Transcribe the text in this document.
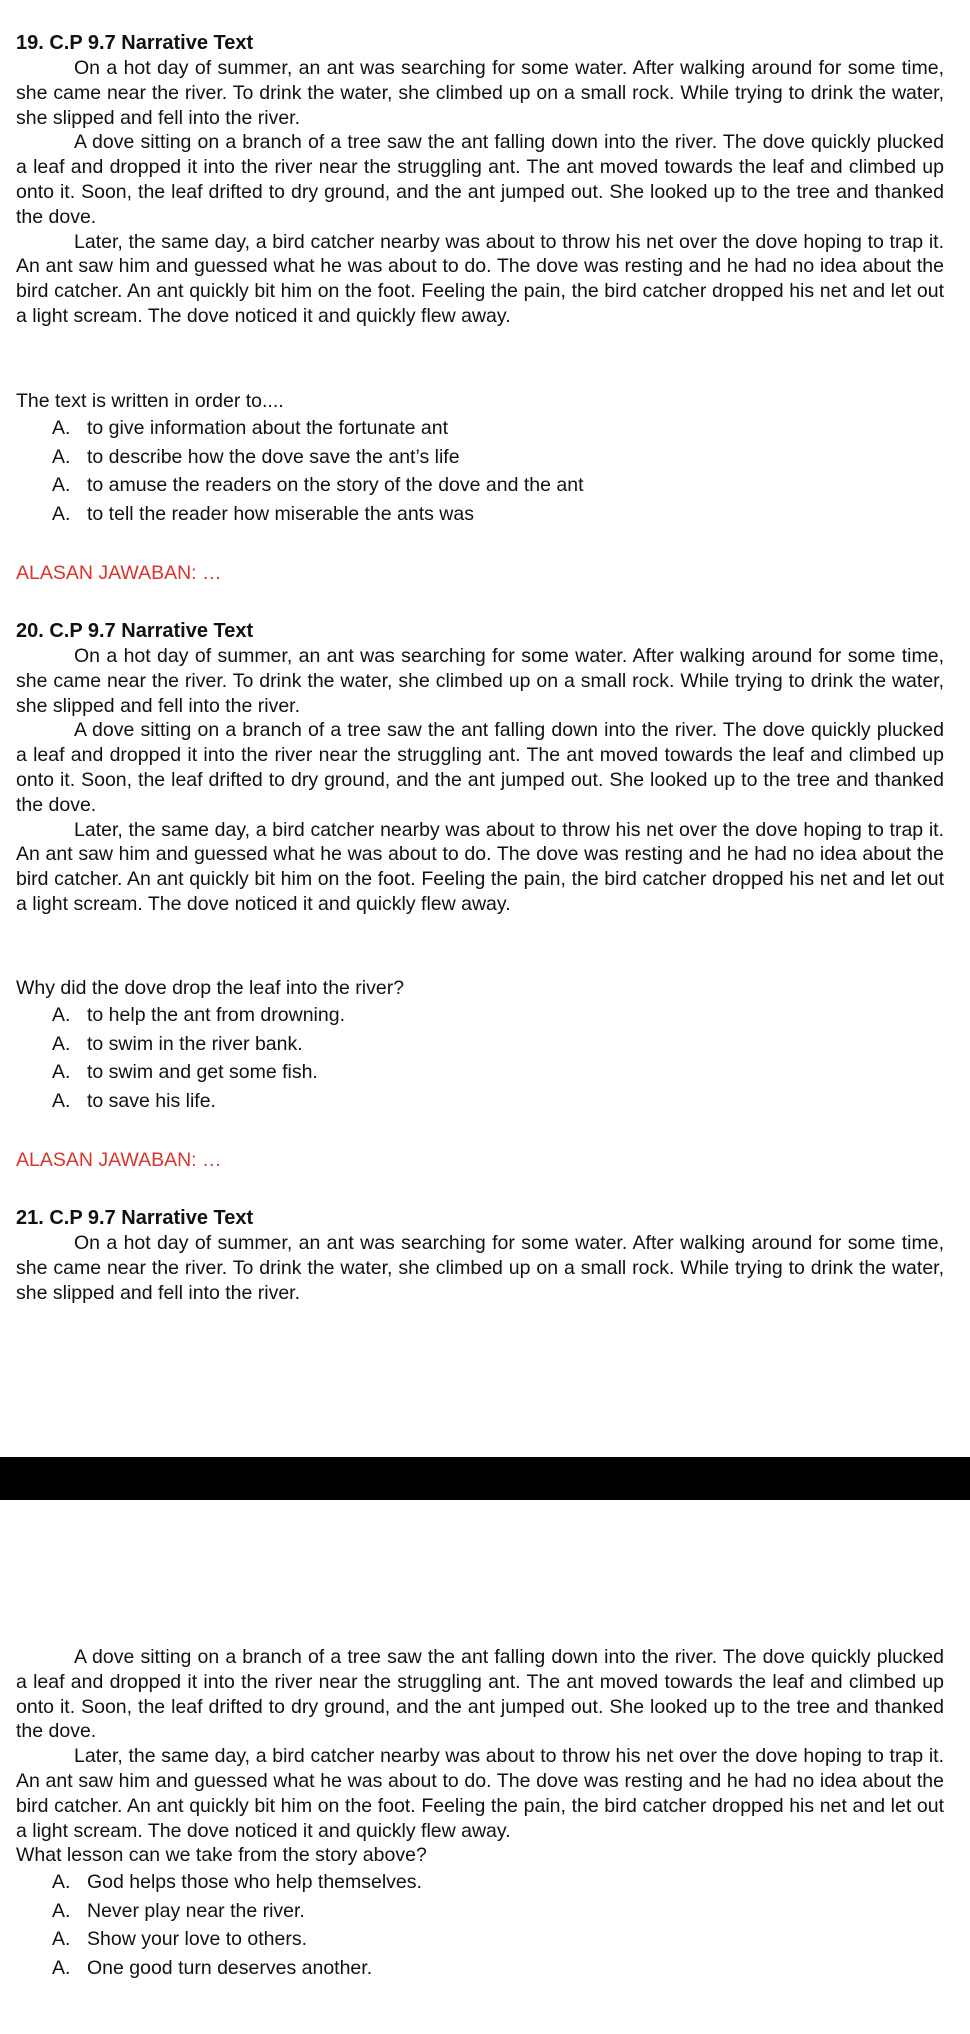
19. C.P 9.7 Narrative Text

On a hot day of summer, an ant was searching for some water. After walking around for some time, she came near the river. To drink the water, she climbed up on a small rock. While trying to drink the water, she slipped and fell into the river.

A dove sitting on a branch of a tree saw the ant falling down into the river. The dove quickly plucked a leaf and dropped it into the river near the struggling ant. The ant moved towards the leaf and climbed up onto it. Soon, the leaf drifted to dry ground, and the ant jumped out. She looked up to the tree and thanked the dove.

Later, the same day, a bird catcher nearby was about to throw his net over the dove hoping to trap it. An ant saw him and guessed what he was about to do. The dove was resting and he had no idea about the bird catcher. An ant quickly bit him on the foot. Feeling the pain, the bird catcher dropped his net and let out a light scream. The dove noticed it and quickly flew away.

The text is written in order to....

A. to give information about the fortunate ant
A. to describe how the dove save the ant’s life
A. to amuse the readers on the story of the dove and the ant
A. to tell the reader how miserable the ants was
ALASAN JAWABAN: …

20. C.P 9.7 Narrative Text

On a hot day of summer, an ant was searching for some water. After walking around for some time, she came near the river. To drink the water, she climbed up on a small rock. While trying to drink the water, she slipped and fell into the river.

A dove sitting on a branch of a tree saw the ant falling down into the river. The dove quickly plucked a leaf and dropped it into the river near the struggling ant. The ant moved towards the leaf and climbed up onto it. Soon, the leaf drifted to dry ground, and the ant jumped out. She looked up to the tree and thanked the dove.

Later, the same day, a bird catcher nearby was about to throw his net over the dove hoping to trap it. An ant saw him and guessed what he was about to do. The dove was resting and he had no idea about the bird catcher. An ant quickly bit him on the foot. Feeling the pain, the bird catcher dropped his net and let out a light scream. The dove noticed it and quickly flew away.

Why did the dove drop the leaf into the river?

A. to help the ant from drowning.
A. to swim in the river bank.
A. to swim and get some fish.
A. to save his life.
ALASAN JAWABAN: …

21. C.P 9.7 Narrative Text

On a hot day of summer, an ant was searching for some water. After walking around for some time, she came near the river. To drink the water, she climbed up on a small rock. While trying to drink the water, she slipped and fell into the river.

A dove sitting on a branch of a tree saw the ant falling down into the river. The dove quickly plucked a leaf and dropped it into the river near the struggling ant. The ant moved towards the leaf and climbed up onto it. Soon, the leaf drifted to dry ground, and the ant jumped out. She looked up to the tree and thanked the dove.

Later, the same day, a bird catcher nearby was about to throw his net over the dove hoping to trap it. An ant saw him and guessed what he was about to do. The dove was resting and he had no idea about the bird catcher. An ant quickly bit him on the foot. Feeling the pain, the bird catcher dropped his net and let out a light scream. The dove noticed it and quickly flew away.

What lesson can we take from the story above?

A. God helps those who help themselves.
A. Never play near the river.
A. Show your love to others.
A. One good turn deserves another.
